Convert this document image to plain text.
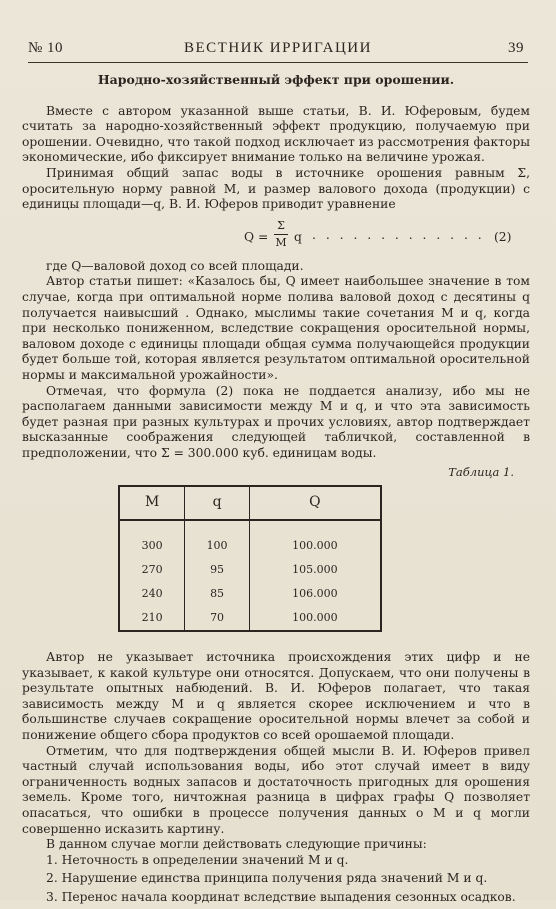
№ 10	ВЕСТНИК ИРРИГАЦИИ	39
Народно-хозяйственный эффект при орошении.

Вместе с автором указанной выше статьи, В. И. Юферовым, будем считать за народно-хозяйственный эффект продукцию, получаемую при орошении. Очевидно, что такой подход исключает из рассмотрения факторы экономические, ибо фиксирует внимание только на величине урожая.

Принимая общий запас воды в источнике орошения равным Σ, оросительную норму равной M, и размер валового дохода (продукции) с единицы площади—q, В. И. Юферов приводит уравнение

Q =
Σ
M q . . . . . . . . . . . . . (2)

где Q—валовой доход со всей площади.

Автор статьи пишет: «Казалось бы, Q имеет наибольшее значение в том случае, когда при оптимальной норме полива валовой доход с десятины q получается наивысший . Однако, мыслимы такие сочетания M и q, когда при несколько пониженном, вследствие сокращения оросительной нормы, валовом доходе с единицы площади общая сумма получающейся продукции будет больше той, которая является результатом оптимальной оросительной нормы и максимальной урожайности».

Отмечая, что формула (2) пока не поддается анализу, ибо мы не располагаем данными зависимости между M и q, и что эта зависимость будет разная при разных культурах и прочих условиях, автор подтверждает высказанные соображения следующей табличкой, составленной в предположении, что Σ = 300.000 куб. единицам воды.

Таблица 1.
M	q	Q
300	100	100.000
270	95	105.000
240	85	106.000
210	70	100.000

Автор не указывает источника происхождения этих цифр и не указывает, к какой культуре они относятся. Допускаем, что они получены в результате опытных набюдений. В. И. Юферов полагает, что такая зависимость между M и q является скорее исключением и что в большинстве случаев сокращение оросительной нормы влечет за собой и понижение общего сбора продуктов со всей орошаемой площади.

Отметим, что для подтверждения общей мысли В. И. Юферов привел частный случай использования воды, ибо этот случай имеет в виду ограниченность водных запасов и достаточность пригодных для орошения земель. Кроме того, ничтожная разница в цифрах графы Q позволяет опасаться, что ошибки в процессе получения данных о M и q могли совершенно исказить картину.

В данном случае могли действовать следующие причины:

1. Неточность в определении значений M и q.

2. Нарушение единства принципа получения ряда значений M и q.

3. Перенос начала координат вследствие выпадения сезонных осадков.
